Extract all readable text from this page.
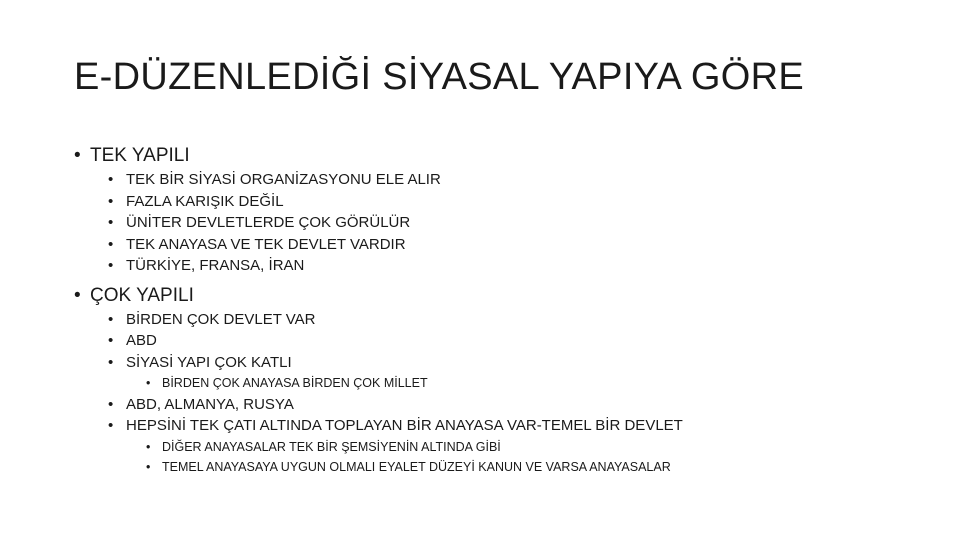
E-DÜZENLEDİĞİ SİYASAL YAPIYA GÖRE
• TEK YAPILI
• TEK BİR SİYASİ ORGANİZASYONU ELE ALIR
• FAZLA KARIŞIK DEĞİL
• ÜNİTER DEVLETLERDE ÇOK GÖRÜLÜR
• TEK ANAYASA VE TEK DEVLET VARDIR
• TÜRKİYE, FRANSA, İRAN
• ÇOK YAPILI
• BİRDEN ÇOK DEVLET VAR
• ABD
• SİYASİ YAPI ÇOK KATLI
• BİRDEN ÇOK ANAYASA BİRDEN ÇOK MİLLET
• ABD, ALMANYA, RUSYA
• HEPSİNİ TEK ÇATI ALTINDA TOPLAYAN BİR ANAYASA VAR-TEMEL BİR DEVLET
• DİĞER ANAYASALAR TEK BİR ŞEMSİYENİN ALTINDA GİBİ
• TEMEL ANAYASAYA UYGUN OLMALI EYALET DÜZEYİ KANUN VE VARSA ANAYASALAR
